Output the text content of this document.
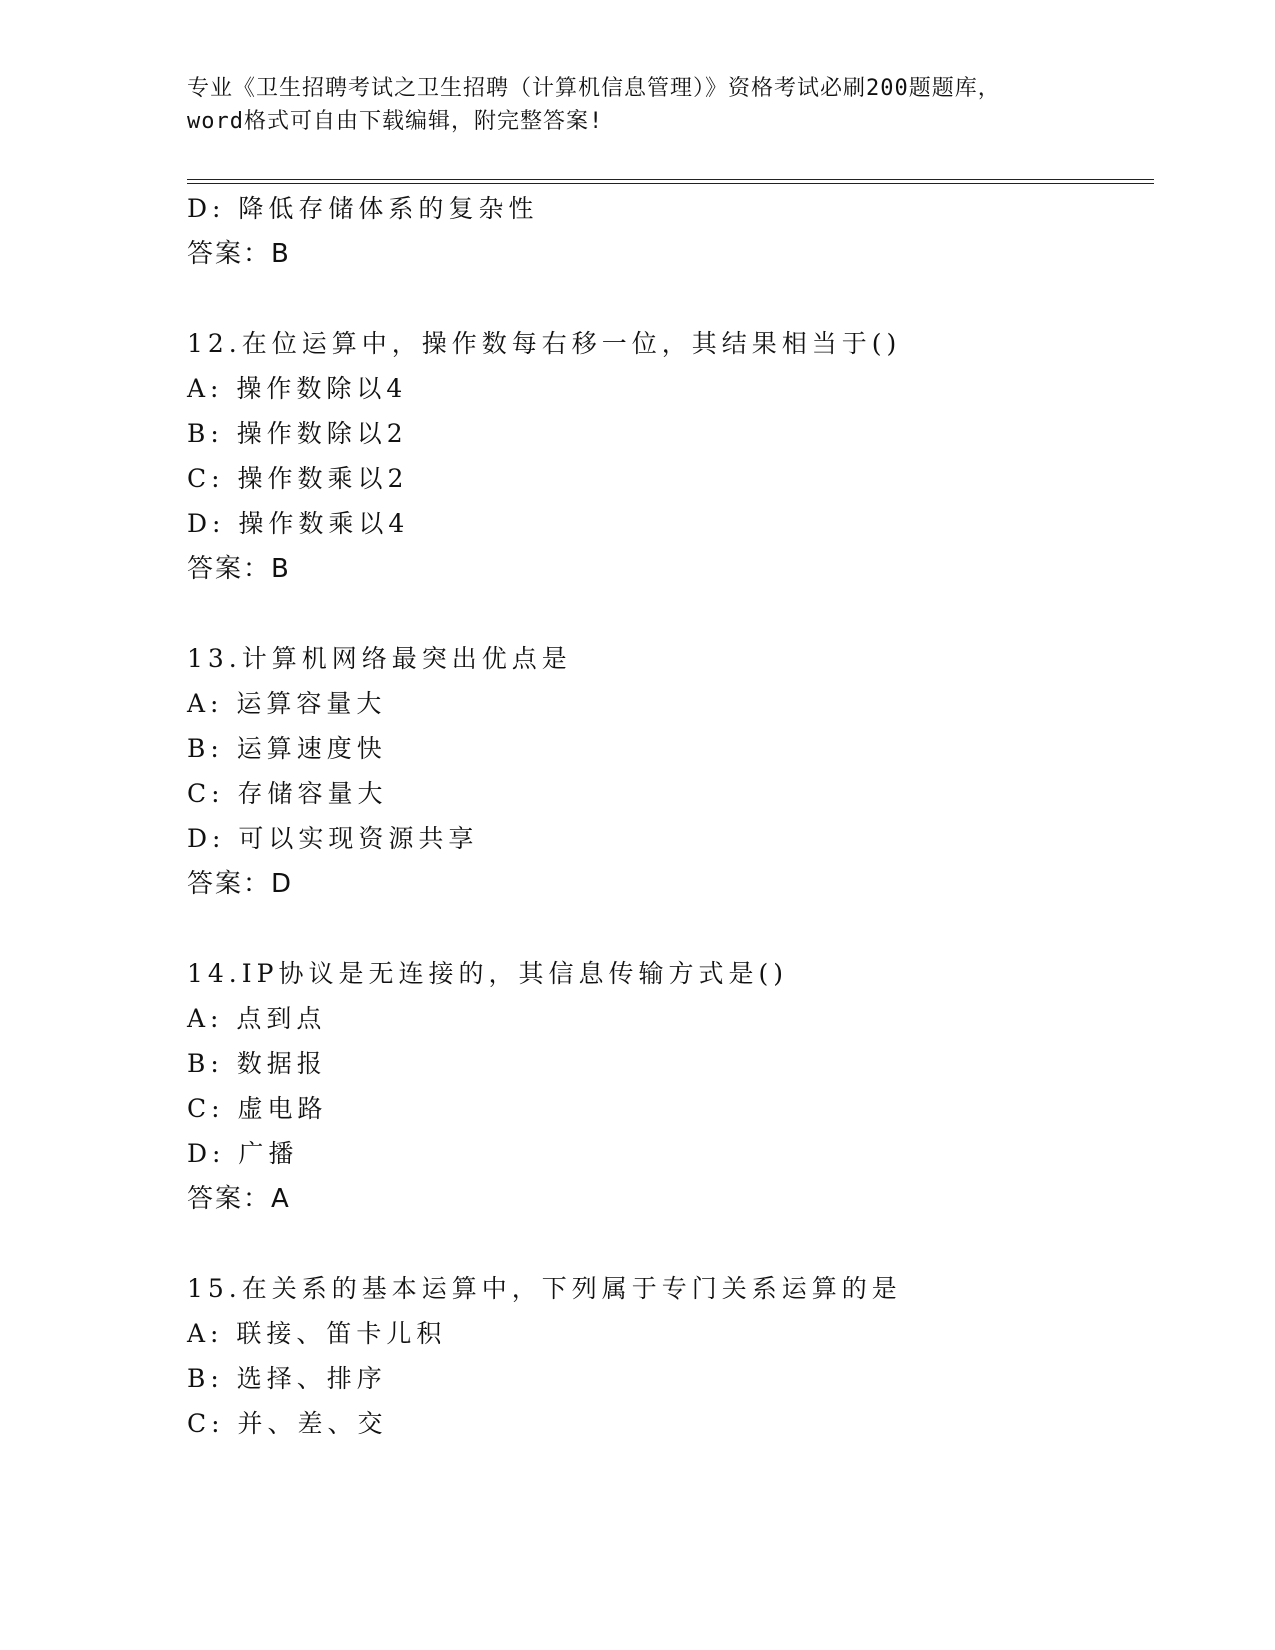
专业《卫生招聘考试之卫生招聘（计算机信息管理）》资格考试必刷200题题库，
word格式可自由下载编辑，附完整答案!
D: 降低存储体系的复杂性
答案：B
12.在位运算中，操作数每右移一位，其结果相当于()
A: 操作数除以4
B: 操作数除以2
C: 操作数乘以2
D: 操作数乘以4
答案：B
13.计算机网络最突出优点是
A: 运算容量大
B: 运算速度快
C: 存储容量大
D: 可以实现资源共享
答案：D
14.IP协议是无连接的，其信息传输方式是()
A: 点到点
B: 数据报
C: 虚电路
D: 广播
答案：A
15.在关系的基本运算中，下列属于专门关系运算的是
A: 联接、笛卡儿积
B: 选择、排序
C: 并、差、交
